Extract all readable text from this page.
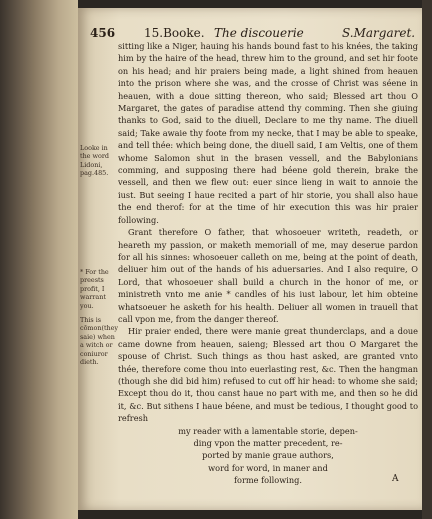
456 15.Booke. The discouerie	S.Margaret.
Looke in the word Lidoni, pag.485.
* For the preests profit, I warrant you.
This is cōmon(they saie) when a witch or coniuror dieth.

sitting like a Niger, hauing his hands bound fast to his knées, the taking him by the haire of the head, threw him to the ground, and set hir foote on his head; and hir praiers being made, a light shined from heauen into the prison where she was, and the crosse of Christ was séene in heauen, with a doue sitting thereon, who said; Blessed art thou O Margaret, the gates of paradise attend thy comming. Then she giuing thanks to God, said to the diuell, Declare to me thy name. The diuell said; Take awaie thy foote from my necke, that I may be able to speake, and tell thée: which being done, the diuell said, I am Veltis, one of them whome Salomon shut in the brasen vessell, and the Babylonians comming, and supposing there had béene gold therein, brake the vessell, and then we flew out: euer since lieng in wait to annoie the iust. But seeing I haue recited a part of hir storie, you shall also haue the end therof: for at the time of hir execution this was hir praier following.

Grant therefore O father, that whosoeuer writeth, readeth, or heareth my passion, or maketh memoriall of me, may deserue pardon for all his sinnes: whosoeuer calleth on me, being at the point of death, deliuer him out of the hands of his aduersaries. And I also require, O Lord, that whosoeuer shall build a church in the honor of me, or ministreth vnto me anie * candles of his iust labour, let him obteine whatsoeuer he asketh for his health. Deliuer all women in trauell that call vpon me, from the danger thereof.

Hir praier ended, there were manie great thunderclaps, and a doue came downe from heauen, saieng; Blessed art thou O Margaret the spouse of Christ. Such things as thou hast asked, are granted vnto thée, therefore come thou into euerlasting rest, &c. Then the hangman (though she did bid him) refused to cut off hir head: to whome she said; Except thou do it, thou canst haue no part with me, and then so he did it, &c. But sithens I haue béene, and must be tedious, I thought good to refresh

my reader with a lamentable storie, depen-

ding vpon the matter precedent, re-

ported by manie graue authors,

word for word, in maner and

forme following.	A
